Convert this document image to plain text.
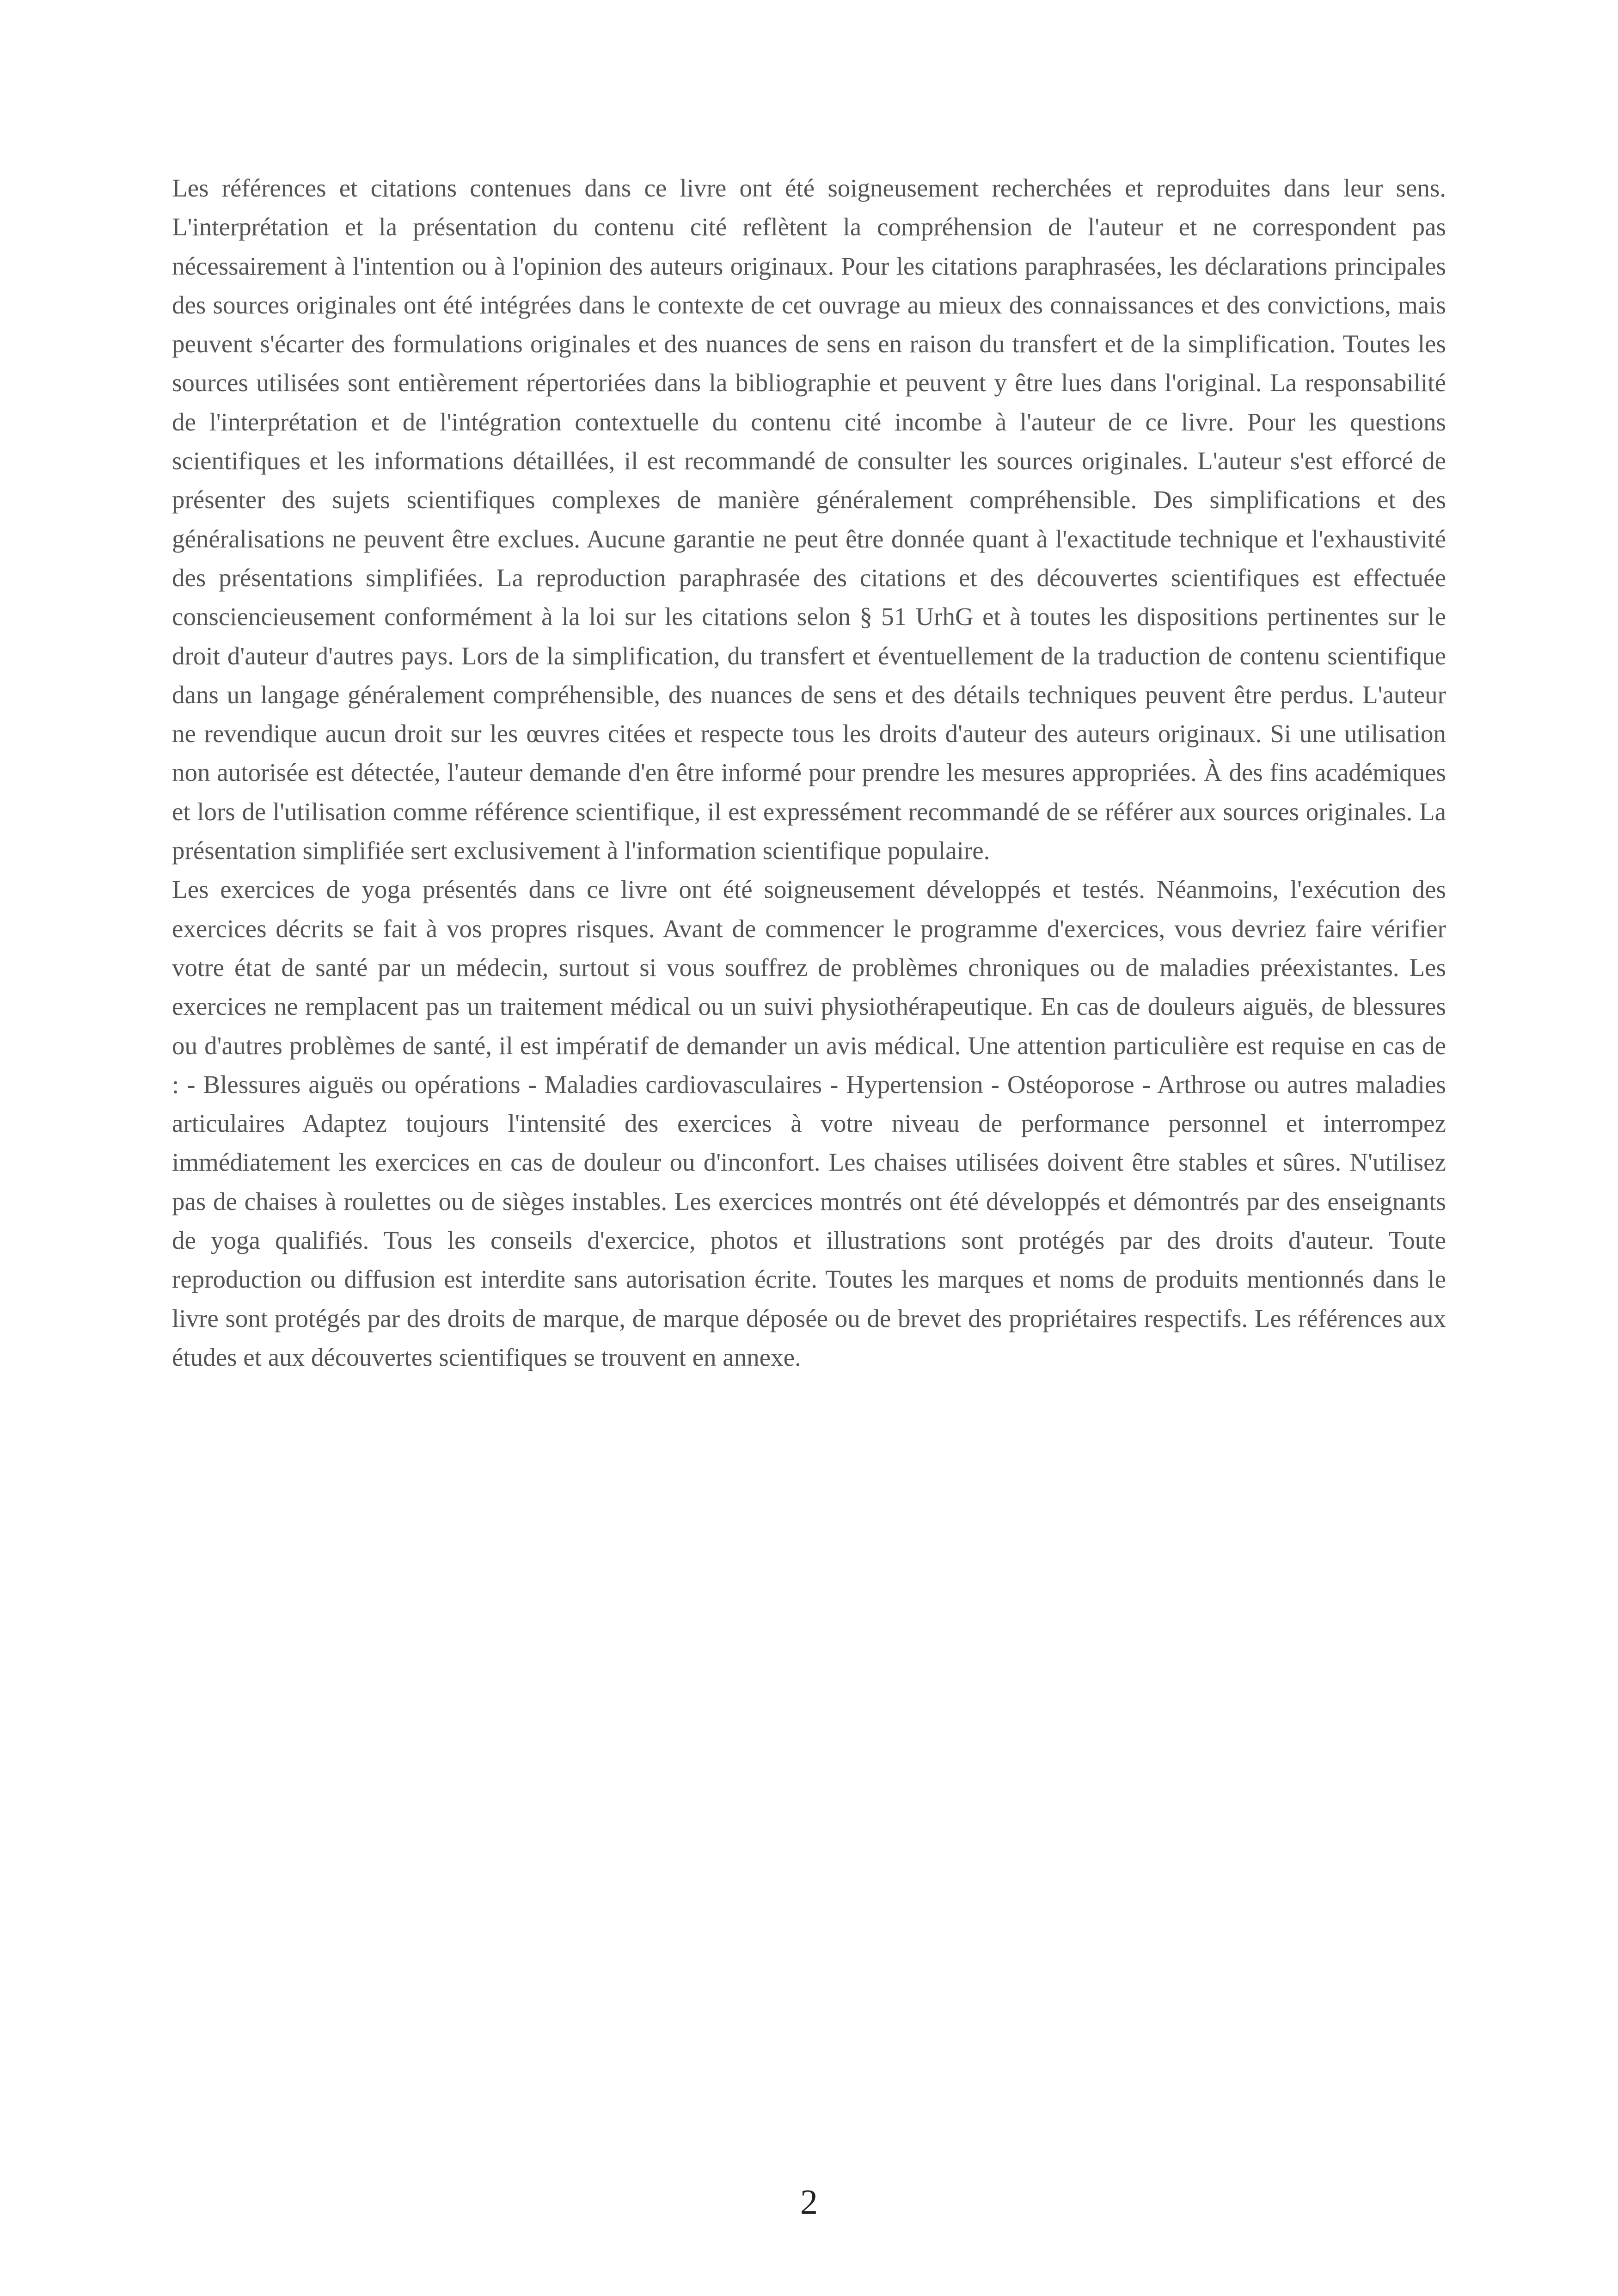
Les références et citations contenues dans ce livre ont été soigneusement recherchées et reproduites dans leur sens. L'interprétation et la présentation du contenu cité reflètent la compréhension de l'auteur et ne correspondent pas nécessairement à l'intention ou à l'opinion des auteurs originaux. Pour les citations paraphrasées, les déclarations principales des sources originales ont été intégrées dans le contexte de cet ouvrage au mieux des connaissances et des convictions, mais peuvent s'écarter des formulations originales et des nuances de sens en raison du transfert et de la simplification. Toutes les sources utilisées sont entièrement répertoriées dans la bibliographie et peuvent y être lues dans l'original. La responsabilité de l'interprétation et de l'intégration contextuelle du contenu cité incombe à l'auteur de ce livre. Pour les questions scientifiques et les informations détaillées, il est recommandé de consulter les sources originales. L'auteur s'est efforcé de présenter des sujets scientifiques complexes de manière généralement compréhensible. Des simplifications et des généralisations ne peuvent être exclues. Aucune garantie ne peut être donnée quant à l'exactitude technique et l'exhaustivité des présentations simplifiées. La reproduction paraphrasée des citations et des découvertes scientifiques est effectuée consciencieusement conformément à la loi sur les citations selon § 51 UrhG et à toutes les dispositions pertinentes sur le droit d'auteur d'autres pays. Lors de la simplification, du transfert et éventuellement de la traduction de contenu scientifique dans un langage généralement compréhensible, des nuances de sens et des détails techniques peuvent être perdus. L'auteur ne revendique aucun droit sur les œuvres citées et respecte tous les droits d'auteur des auteurs originaux. Si une utilisation non autorisée est détectée, l'auteur demande d'en être informé pour prendre les mesures appropriées. À des fins académiques et lors de l'utilisation comme référence scientifique, il est expressément recommandé de se référer aux sources originales. La présentation simplifiée sert exclusivement à l'information scientifique populaire.

Les exercices de yoga présentés dans ce livre ont été soigneusement développés et testés. Néanmoins, l'exécution des exercices décrits se fait à vos propres risques. Avant de commencer le programme d'exercices, vous devriez faire vérifier votre état de santé par un médecin, surtout si vous souffrez de problèmes chroniques ou de maladies préexistantes. Les exercices ne remplacent pas un traitement médical ou un suivi physiothérapeutique. En cas de douleurs aiguës, de blessures ou d'autres problèmes de santé, il est impératif de demander un avis médical. Une attention particulière est requise en cas de : - Blessures aiguës ou opérations - Maladies cardiovasculaires - Hypertension - Ostéoporose - Arthrose ou autres maladies articulaires Adaptez toujours l'intensité des exercices à votre niveau de performance personnel et interrompez immédiatement les exercices en cas de douleur ou d'inconfort. Les chaises utilisées doivent être stables et sûres. N'utilisez pas de chaises à roulettes ou de sièges instables. Les exercices montrés ont été développés et démontrés par des enseignants de yoga qualifiés. Tous les conseils d'exercice, photos et illustrations sont protégés par des droits d'auteur. Toute reproduction ou diffusion est interdite sans autorisation écrite. Toutes les marques et noms de produits mentionnés dans le livre sont protégés par des droits de marque, de marque déposée ou de brevet des propriétaires respectifs. Les références aux études et aux découvertes scientifiques se trouvent en annexe.

2
